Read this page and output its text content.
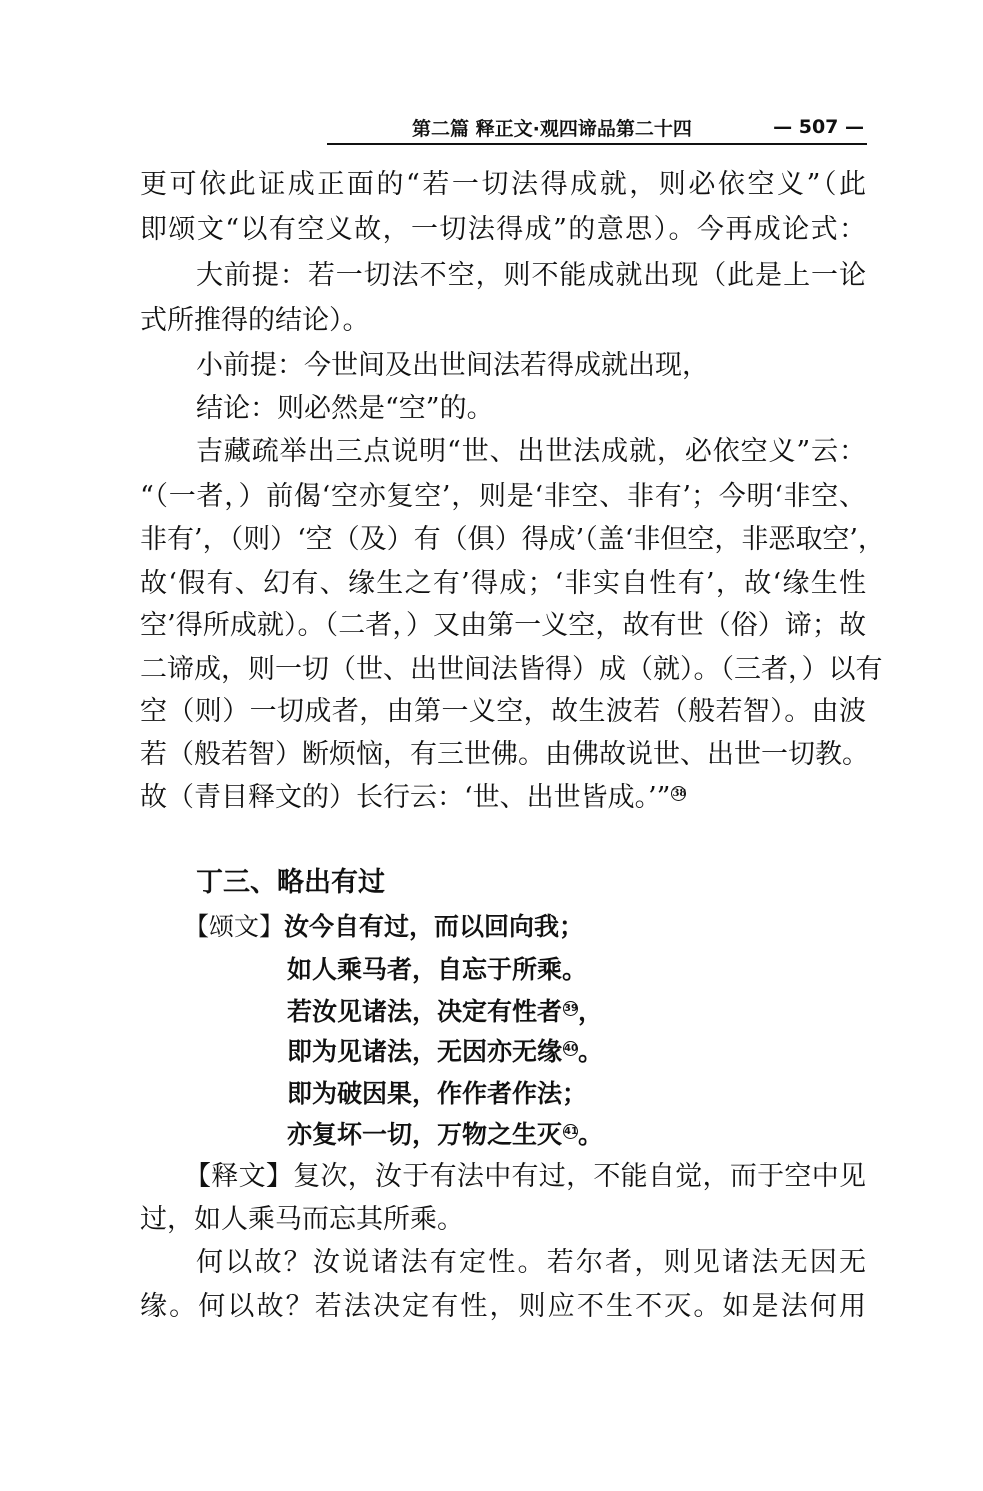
第二篇 释正文·观四谛品第二十四	— 507 —
更可依此证成正面的“若一切法得成就，则必依空义”（此
即颂文“以有空义故，一切法得成”的意思）。今再成论式：
大前提：若一切法不空，则不能成就出现（此是上一论
式所推得的结论）。
小前提：今世间及出世间法若得成就出现，
结论：则必然是“空”的。
吉藏疏举出三点说明“世、出世法成就，必依空义”云：
“（一者，）前偈‘空亦复空’，则是‘非空、非有’；今明‘非空、
非有’，（则）‘空（及）有（俱）得成’（盖‘非但空，非恶取空’，
故‘假有、幻有、缘生之有’得成；‘非实自性有’，故‘缘生性
空’得所成就）。（二者，）又由第一义空，故有世（俗）谛；故
二谛成，则一切（世、出世间法皆得）成（就）。（三者，）以有
空（则）一切成者，由第一义空，故生波若（般若智）。由波
若（般若智）断烦恼，有三世佛。由佛故说世、出世一切教。
故（青目释文的）长行云：‘世、出世皆成。’” 38
丁三、略出有过
【颂文】汝今自有过，而以回向我；
如人乘马者，自忘于所乘。
若汝见诸法，决定有性者 39，
即为见诸法，无因亦无缘 40。
即为破因果，作作者作法；
亦复坏一切，万物之生灭 41。
【释文】复次，汝于有法中有过，不能自觉，而于空中见
过，如人乘马而忘其所乘。
何以故？汝说诸法有定性。若尔者，则见诸法无因无
缘。何以故？若法决定有性，则应不生不灭。如是法何用
